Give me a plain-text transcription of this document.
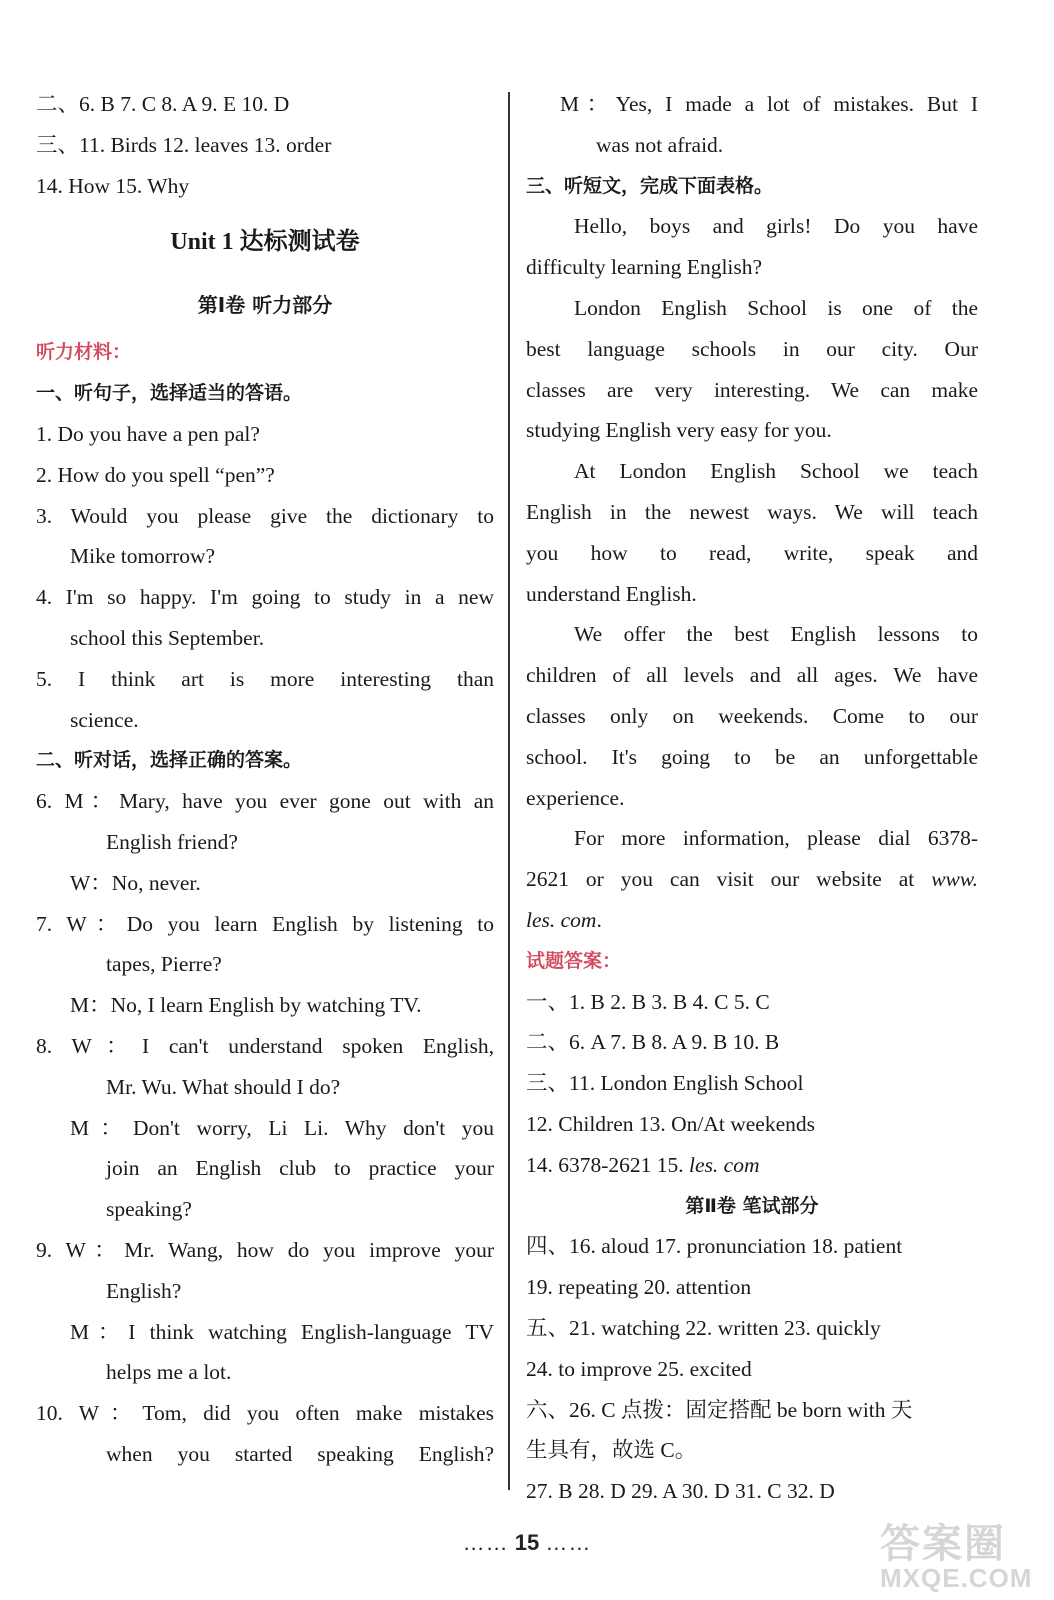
二、6. B 7. C 8. A 9. E 10. D
三、11. Birds 12. leaves 13. order
14. How 15. Why
Unit 1 达标测试卷
第Ⅰ卷 听力部分
听力材料：
一、听句子，选择适当的答语。
1. Do you have a pen pal?
2. How do you spell “pen”?
3. Would you please give the dictionary to
Mike tomorrow?
4. I'm so happy. I'm going to study in a new
school this September.
5. I think art is more interesting than
science.
二、听对话，选择正确的答案。
6. M：Mary, have you ever gone out with an
English friend?
W：No, never.
7. W：Do you learn English by listening to
tapes, Pierre?
M：No, I learn English by watching TV.
8. W：I can't understand spoken English,
Mr. Wu. What should I do?
M：Don't worry, Li Li. Why don't you
join an English club to practice your
speaking?
9. W：Mr. Wang, how do you improve your
English?
M：I think watching English-language TV
helps me a lot.
10. W：Tom, did you often make mistakes
when you started speaking English?
M：Yes, I made a lot of mistakes. But I
was not afraid.
三、听短文，完成下面表格。
Hello, boys and girls! Do you have
difficulty learning English?
London English School is one of the
best language schools in our city. Our
classes are very interesting. We can make
studying English very easy for you.
At London English School we teach
English in the newest ways. We will teach
you how to read, write, speak and
understand English.
We offer the best English lessons to
children of all levels and all ages. We have
classes only on weekends. Come to our
school. It's going to be an unforgettable
experience.
For more information, please dial 6378-
2621 or you can visit our website at www.
les. com.
试题答案：
一、1. B 2. B 3. B 4. C 5. C
二、6. A 7. B 8. A 9. B 10. B
三、11. London English School
12. Children 13. On/At weekends
14. 6378-2621 15. les. com
第Ⅱ卷 笔试部分
四、16. aloud 17. pronunciation 18. patient
19. repeating 20. attention
五、21. watching 22. written 23. quickly
24. to improve 25. excited
六、26. C 点拨：固定搭配 be born with 天
生具有，故选 C。
27. B 28. D 29. A 30. D 31. C 32. D
…… 15 ……	答案圈
MXQE.COM
